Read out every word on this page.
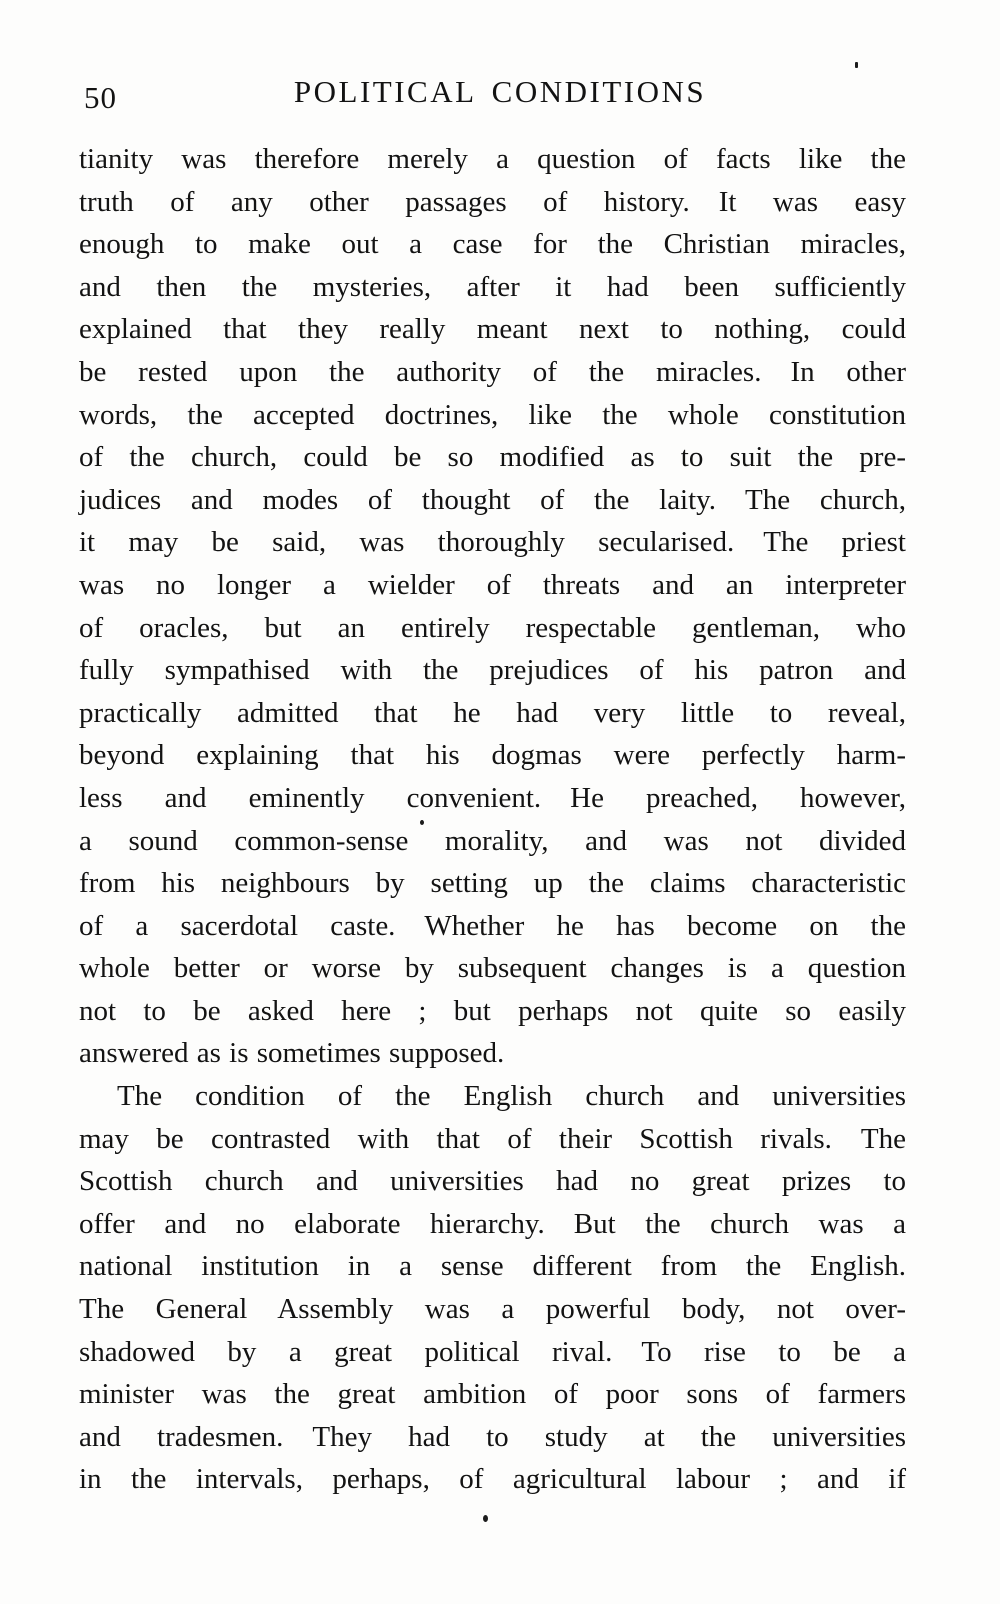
50	POLITICAL CONDITIONS
tianity was therefore merely a question of facts like the
truth of any other passages of history. It was easy
enough to make out a case for the Christian miracles,
and then the mysteries, after it had been sufficiently
explained that they really meant next to nothing, could
be rested upon the authority of the miracles. In other
words, the accepted doctrines, like the whole constitution
of the church, could be so modified as to suit the pre-
judices and modes of thought of the laity. The church,
it may be said, was thoroughly secularised. The priest
was no longer a wielder of threats and an interpreter
of oracles, but an entirely respectable gentleman, who
fully sympathised with the prejudices of his patron and
practically admitted that he had very little to reveal,
beyond explaining that his dogmas were perfectly harm-
less and eminently convenient. He preached, however,
a sound common-sense morality, and was not divided
from his neighbours by setting up the claims characteristic
of a sacerdotal caste. Whether he has become on the
whole better or worse by subsequent changes is a question
not to be asked here ; but perhaps not quite so easily
answered as is sometimes supposed.
The condition of the English church and universities
may be contrasted with that of their Scottish rivals. The
Scottish church and universities had no great prizes to
offer and no elaborate hierarchy. But the church was a
national institution in a sense different from the English.
The General Assembly was a powerful body, not over-
shadowed by a great political rival. To rise to be a
minister was the great ambition of poor sons of farmers
and tradesmen. They had to study at the universities
in the intervals, perhaps, of agricultural labour ; and if
